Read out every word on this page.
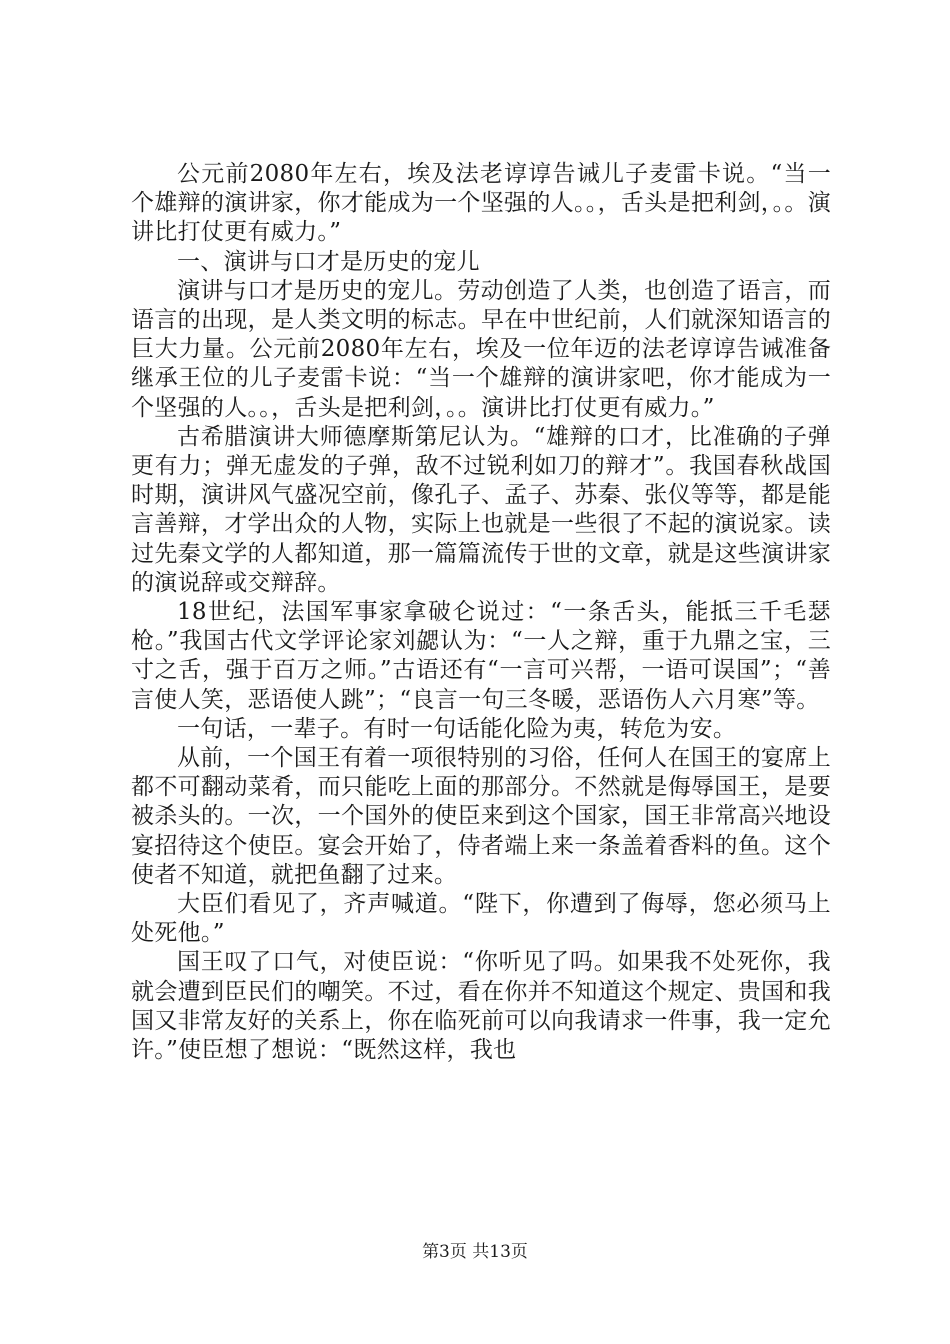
公元前2080年左右，埃及法老谆谆告诫儿子麦雷卡说。“当一个雄辩的演讲家，你才能成为一个坚强的人。。，舌头是把利剑，。。演讲比打仗更有威力。”

一、演讲与口才是历史的宠儿

演讲与口才是历史的宠儿。劳动创造了人类，也创造了语言，而语言的出现，是人类文明的标志。早在中世纪前，人们就深知语言的巨大力量。公元前2080年左右，埃及一位年迈的法老谆谆告诫准备继承王位的儿子麦雷卡说：“当一个雄辩的演讲家吧，你才能成为一个坚强的人。。，舌头是把利剑，。。演讲比打仗更有威力。”

古希腊演讲大师德摩斯第尼认为。“雄辩的口才，比准确的子弹更有力；弹无虚发的子弹，敌不过锐利如刀的辩才”。我国春秋战国时期，演讲风气盛况空前，像孔子、孟子、苏秦、张仪等等，都是能言善辩，才学出众的人物，实际上也就是一些很了不起的演说家。读过先秦文学的人都知道，那一篇篇流传于世的文章，就是这些演讲家的演说辞或交辩辞。

18世纪，法国军事家拿破仑说过：“一条舌头，能抵三千毛瑟枪。”我国古代文学评论家刘勰认为：“一人之辩，重于九鼎之宝，三寸之舌，强于百万之师。”古语还有“一言可兴帮，一语可误国”；“善言使人笑，恶语使人跳”；“良言一句三冬暖，恶语伤人六月寒”等。

一句话，一辈子。有时一句话能化险为夷，转危为安。

从前，一个国王有着一项很特别的习俗，任何人在国王的宴席上都不可翻动菜肴，而只能吃上面的那部分。不然就是侮辱国王，是要被杀头的。一次，一个国外的使臣来到这个国家，国王非常高兴地设宴招待这个使臣。宴会开始了，侍者端上来一条盖着香料的鱼。这个使者不知道，就把鱼翻了过来。

大臣们看见了，齐声喊道。“陛下，你遭到了侮辱，您必须马上处死他。”

国王叹了口气，对使臣说：“你听见了吗。如果我不处死你，我就会遭到臣民们的嘲笑。不过，看在你并不知道这个规定、贵国和我国又非常友好的关系上，你在临死前可以向我请求一件事，我一定允许。”使臣想了想说：“既然这样，我也

第3页 共13页
